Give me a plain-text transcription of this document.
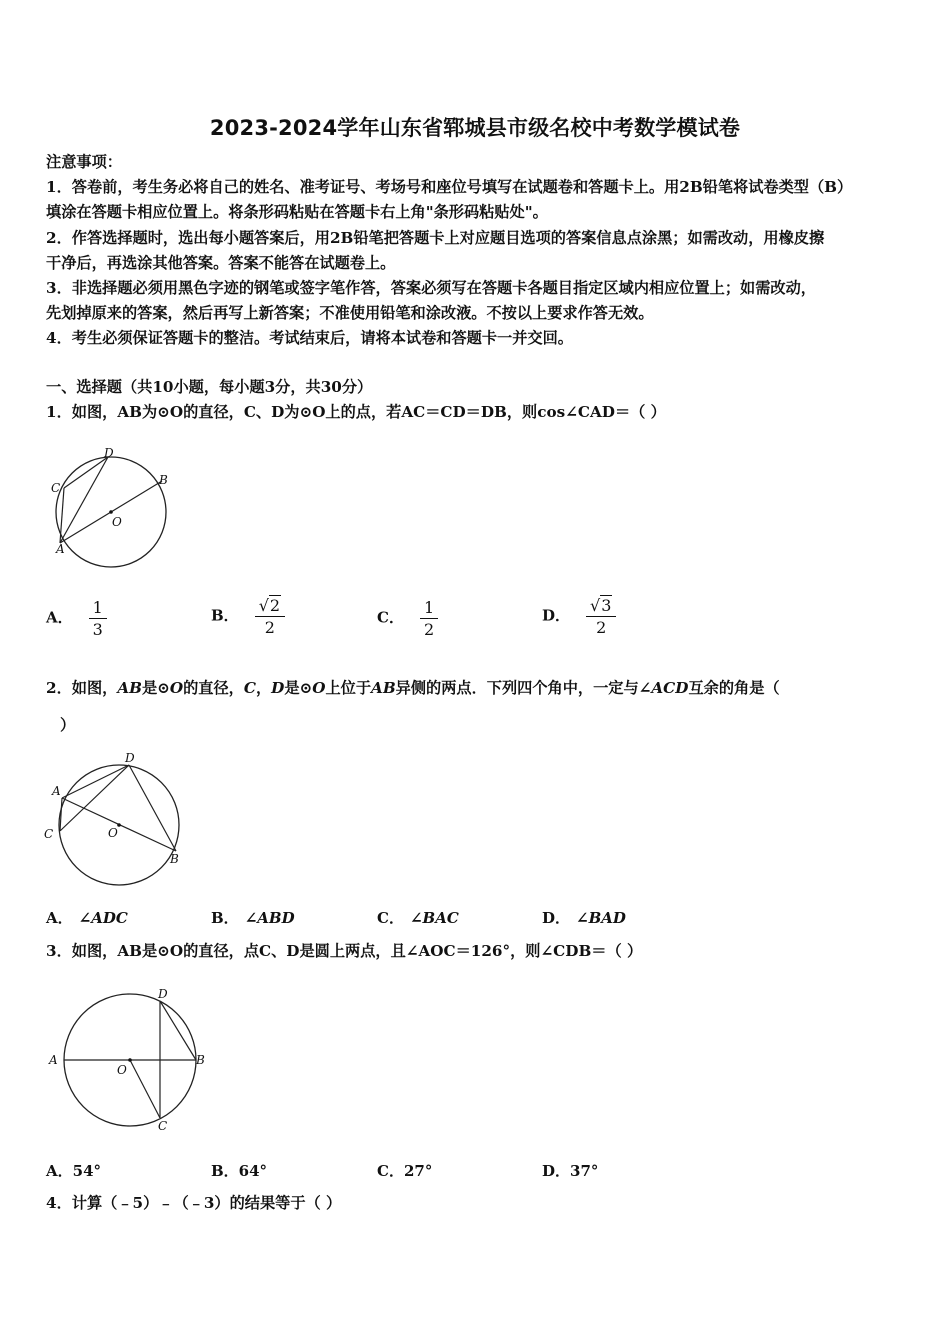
2023-2024学年山东省郓城县市级名校中考数学模试卷
注意事项：
1．答卷前，考生务必将自己的姓名、准考证号、考场号和座位号填写在试题卷和答题卡上。用2B铅笔将试卷类型（B）
填涂在答题卡相应位置上。将条形码粘贴在答题卡右上角"条形码粘贴处"。
2．作答选择题时，选出每小题答案后，用2B铅笔把答题卡上对应题目选项的答案信息点涂黑；如需改动，用橡皮擦
干净后，再选涂其他答案。答案不能答在试题卷上。
3．非选择题必须用黑色字迹的钢笔或签字笔作答，答案必须写在答题卡各题目指定区域内相应位置上；如需改动，
先划掉原来的答案，然后再写上新答案；不准使用铅笔和涂改液。不按以上要求作答无效。
4．考生必须保证答题卡的整洁。考试结束后，请将本试卷和答题卡一并交回。
一、选择题（共10小题，每小题3分，共30分）
1．如图，AB为⊙O的直径，C、D为⊙O上的点，若AC＝CD＝DB，则cos∠CAD＝（ ）
D
C
B
O
A
A． $\frac{1}{3}$	B． $\frac{√2}{2}$	C． $\frac{1}{2}$	D． $\frac{√3}{2}$
2．如图，AB是⊙O的直径，C，D是⊙O上位于AB异侧的两点．下列四个角中，一定与∠ACD互余的角是（
）
D
A
C	O
B
A． ∠ADC	B． ∠ABD	C． ∠BAC	D． ∠BAD
3．如图，AB是⊙O的直径，点C、D是圆上两点，且∠AOC＝126°，则∠CDB＝（ ）
D
A
O
B
C
A．54°	B．64°	C．27°	D．37°
4．计算（﹣5）﹣（﹣3）的结果等于（ ）
